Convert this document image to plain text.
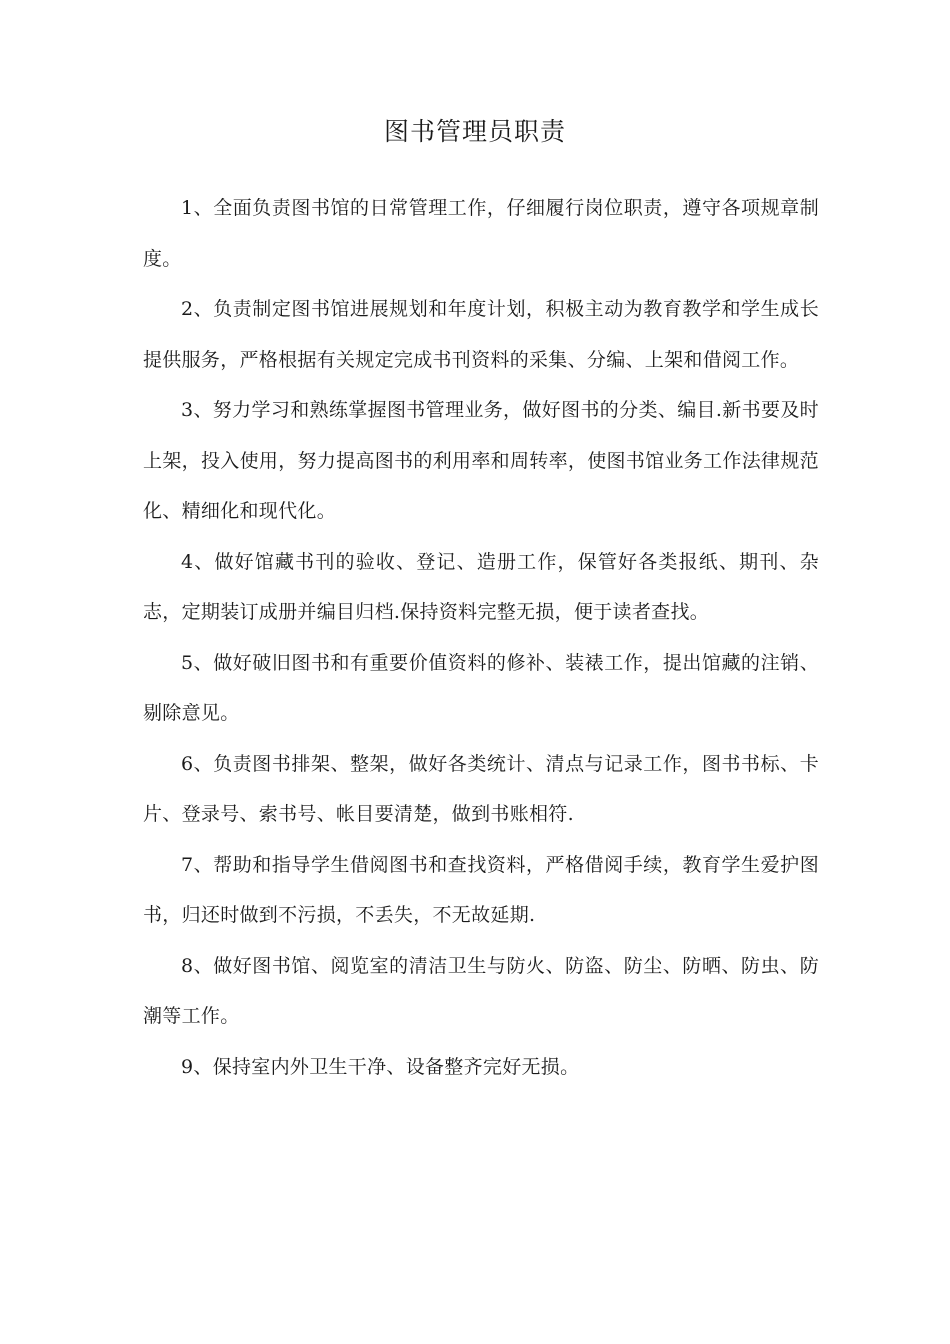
图书管理员职责

1、全面负责图书馆的日常管理工作，仔细履行岗位职责，遵守各项规章制度。

2、负责制定图书馆进展规划和年度计划，积极主动为教育教学和学生成长提供服务，严格根据有关规定完成书刊资料的采集、分编、上架和借阅工作。

3、努力学习和熟练掌握图书管理业务，做好图书的分类、编目.新书要及时上架，投入使用，努力提高图书的利用率和周转率，使图书馆业务工作法律规范化、精细化和现代化。

4、做好馆藏书刊的验收、登记、造册工作，保管好各类报纸、期刊、杂志，定期装订成册并编目归档.保持资料完整无损，便于读者查找。

5、做好破旧图书和有重要价值资料的修补、装裱工作，提出馆藏的注销、剔除意见。

6、负责图书排架、整架，做好各类统计、清点与记录工作，图书书标、卡片、登录号、索书号、帐目要清楚，做到书账相符.

7、帮助和指导学生借阅图书和查找资料，严格借阅手续，教育学生爱护图书，归还时做到不污损，不丢失，不无故延期.

8、做好图书馆、阅览室的清洁卫生与防火、防盗、防尘、防晒、防虫、防潮等工作。

9、保持室内外卫生干净、设备整齐完好无损。
